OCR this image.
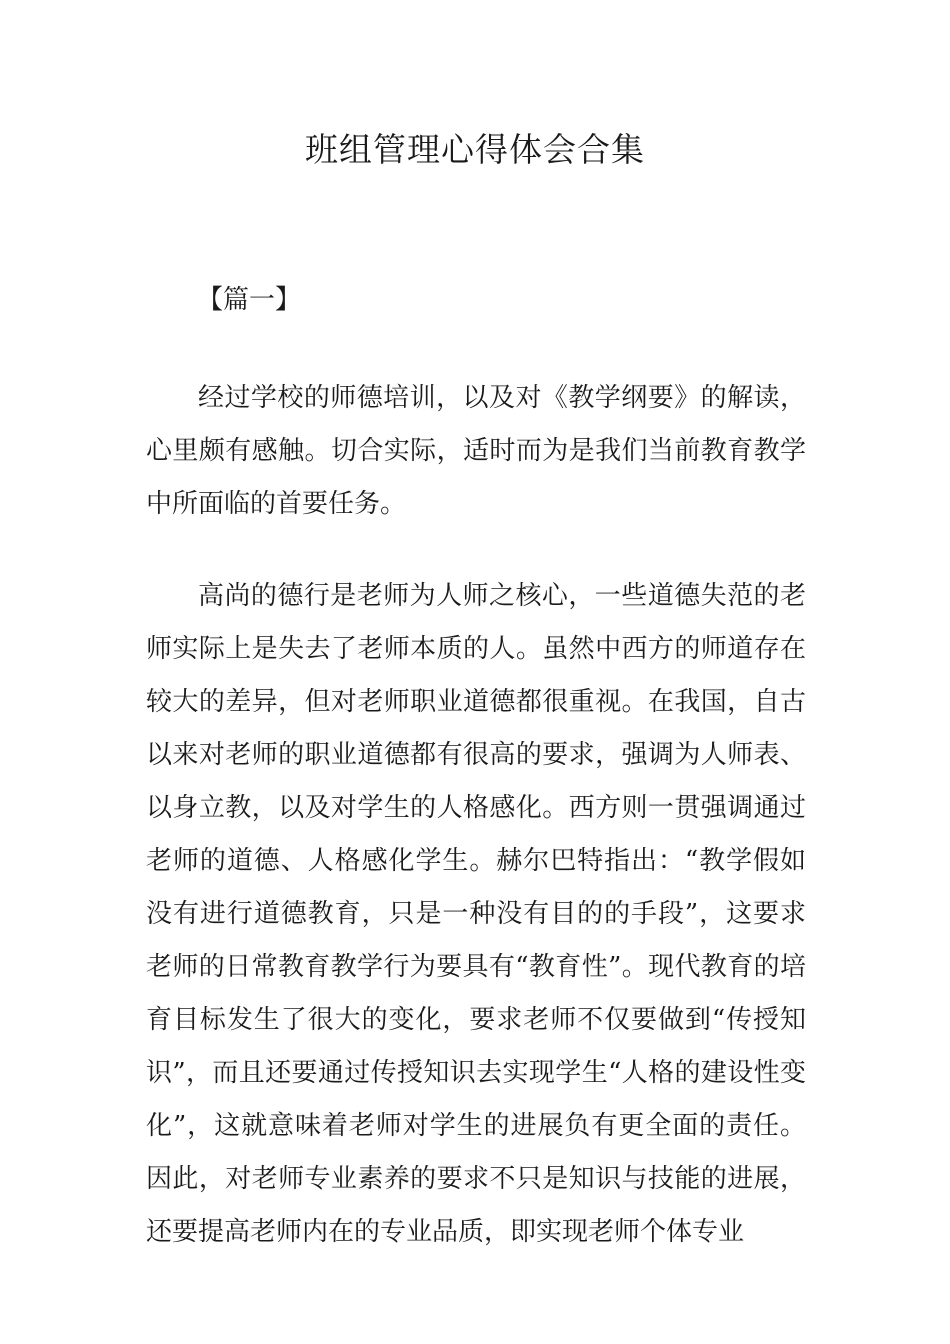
班组管理心得体会合集

【篇一】

经过学校的师德培训，以及对《教学纲要》的解读，心里颇有感触。切合实际，适时而为是我们当前教育教学中所面临的首要任务。

高尚的德行是老师为人师之核心，一些道德失范的老师实际上是失去了老师本质的人。虽然中西方的师道存在较大的差异，但对老师职业道德都很重视。在我国，自古以来对老师的职业道德都有很高的要求，强调为人师表、以身立教，以及对学生的人格感化。西方则一贯强调通过老师的道德、人格感化学生。赫尔巴特指出：“教学假如没有进行道德教育，只是一种没有目的的手段”，这要求老师的日常教育教学行为要具有“教育性”。现代教育的培育目标发生了很大的变化，要求老师不仅要做到“传授知识”，而且还要通过传授知识去实现学生“人格的建设性变化”，这就意味着老师对学生的进展负有更全面的责任。因此，对老师专业素养的要求不只是知识与技能的进展，还要提高老师内在的专业品质，即实现老师个体专业
